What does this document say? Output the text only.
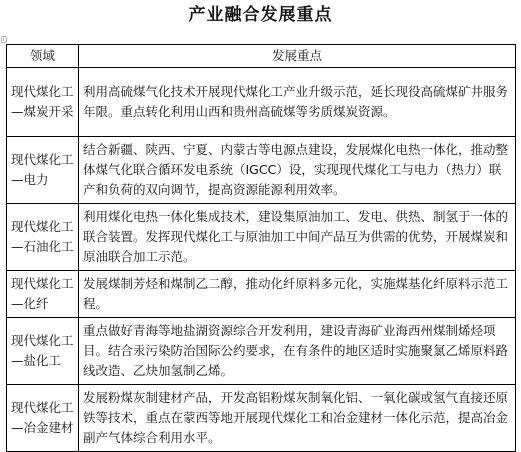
产业融合发展重点
领域	发展重点
现代煤化工—煤炭开采	利用高硫煤气化技术开展现代煤化工产业升级示范，延长现役高硫煤矿井服务年限。重点转化利用山西和贵州高硫煤等劣质煤炭资源。
现代煤化工—电力	结合新疆、陕西、宁夏、内蒙古等电源点建设，发展煤化电热一体化，推动整体煤气化联合循环发电系统（IGCC）设，实现现代煤化工与电力（热力）联产和负荷的双向调节，提高资源能源利用效率。
现代煤化工—石油化工	利用煤化电热一体化集成技术，建设集原油加工、发电、供热、制氢于一体的联合装置。发挥现代煤化工与原油加工中间产品互为供需的优势，开展煤炭和原油联合加工示范。
现代煤化工—化纤	发展煤制芳烃和煤制乙二醇，推动化纤原料多元化，实施煤基化纤原料示范工程。
现代煤化工—盐化工	重点做好青海等地盐湖资源综合开发利用，建设青海矿业海西州煤制烯烃项目。结合汞污染防治国际公约要求，在有条件的地区适时实施聚氯乙烯原料路线改造、乙炔加氢制乙烯。
现代煤化工—冶金建材	发展粉煤灰制建材产品，开发高铝粉煤灰制氧化铝、一氧化碳或氢气直接还原铁等技术，重点在蒙西等地开展现代煤化工和冶金建材一体化示范，提高冶金副产气体综合利用水平。
